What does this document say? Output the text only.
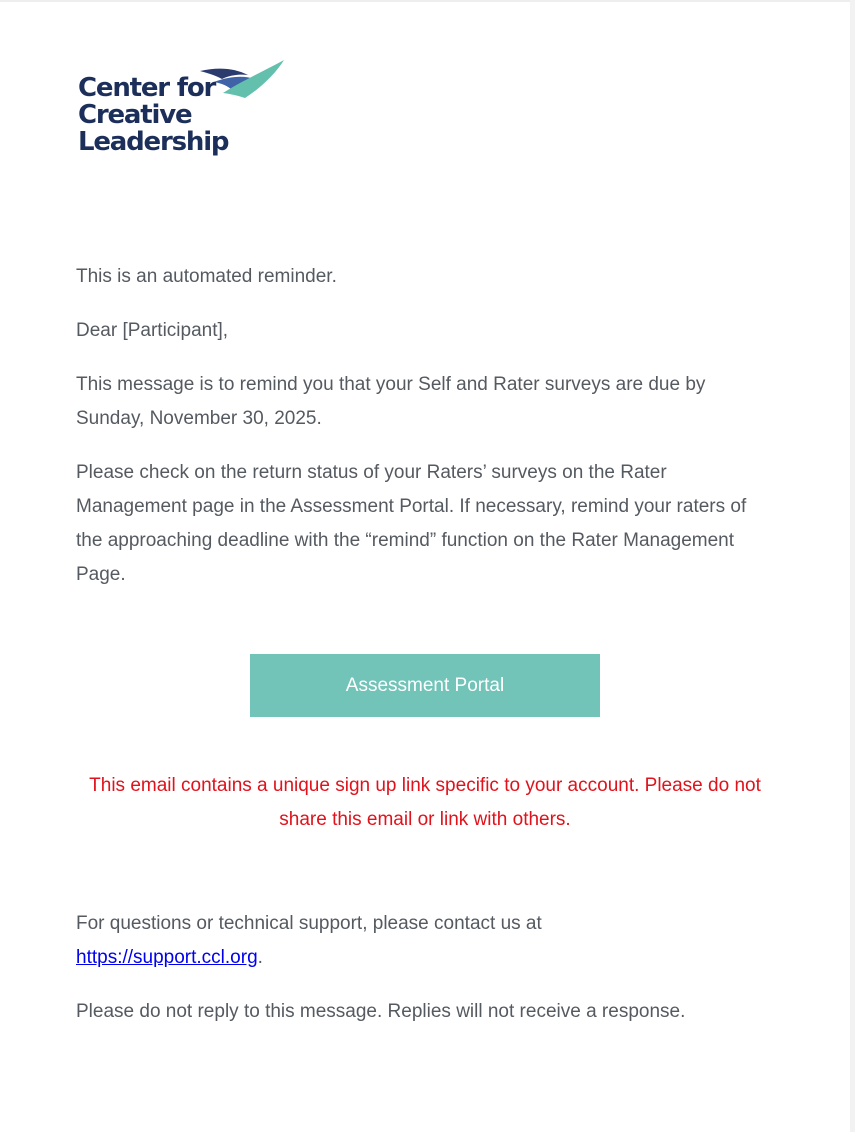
Center for
Creative
Leadership

This is an automated reminder.

Dear [Participant],

This message is to remind you that your Self and Rater surveys are due by Sunday, November 30, 2025.

Please check on the return status of your Raters’ surveys on the Rater Management page in the Assessment Portal. If necessary, remind your raters of the approaching deadline with the “remind” function on the Rater Management Page.

Assessment Portal

This email contains a unique sign up link specific to your account. Please do not share this email or link with others.

For questions or technical support, please contact us at
https://support.ccl.org.

Please do not reply to this message. Replies will not receive a response.
